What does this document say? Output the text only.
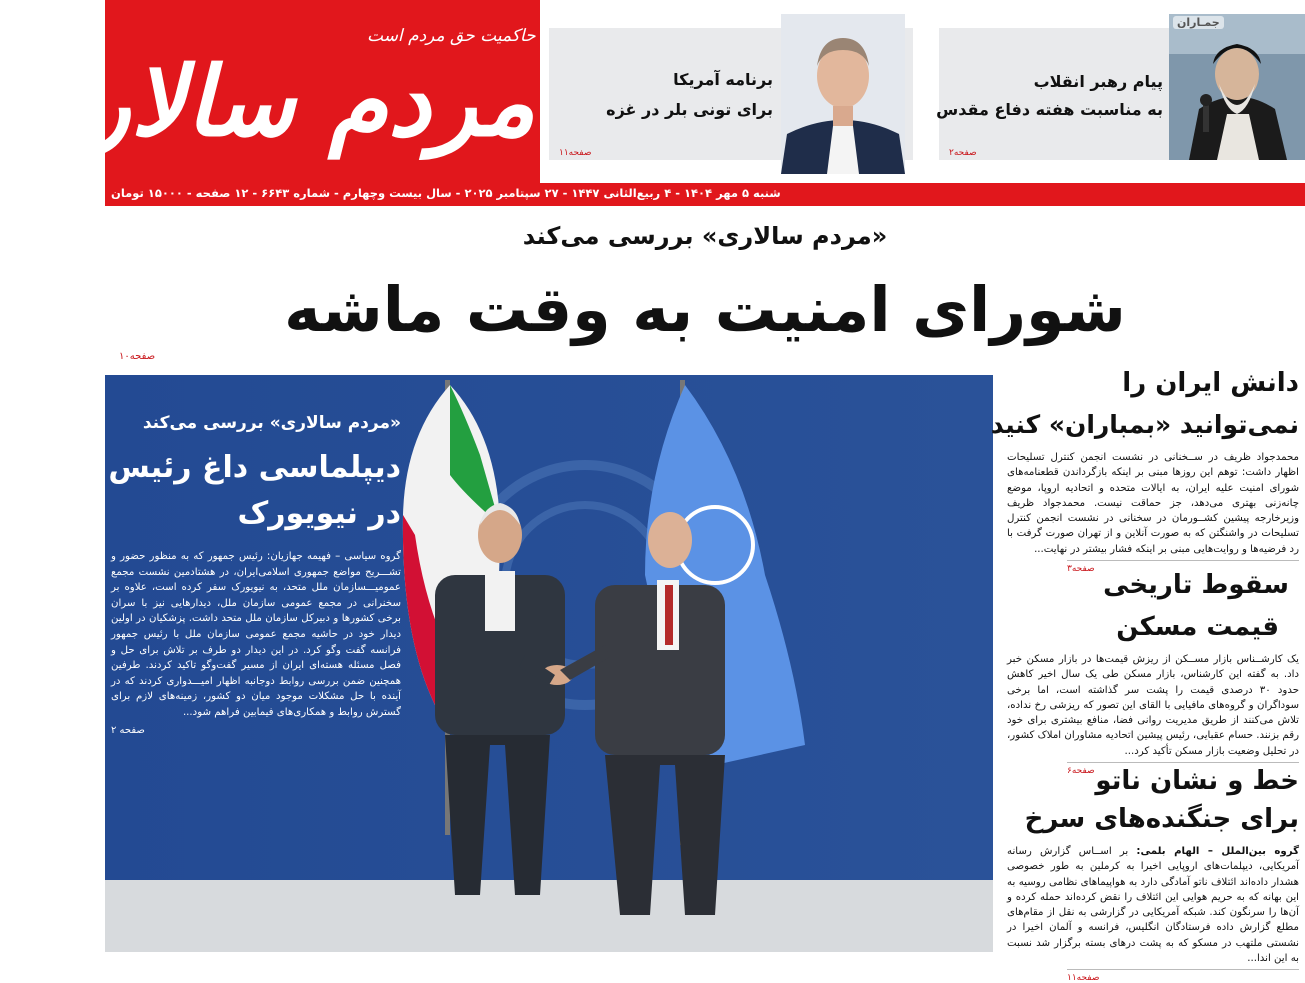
حاکمیت حق مردم است
مردم سالاری	پیام رهبر انقلاب
به مناسبت هفته دفاع مقدس
صفحه۲
جمـاران
برنامه آمریکا
برای تونی بلر در غزه
صفحه۱۱
شنبه ۵ مهر ۱۴۰۴ - ۴ ربیع‌الثانی ۱۴۴۷ - ۲۷ سپتامبر ۲۰۲۵ - سال بیست وچهارم - شماره ۶۶۴۳ - ۱۲ صفحه - ۱۵۰۰۰ تومان
«مردم سالاری» بررسی می‌کند
شورای امنیت به وقت ماشه
صفحه۱۰
«مردم سالاری» بررسی می‌کند
دیپلماسی داغ رئیس جمهور
در نیویورک
گروه سیاسی – فهیمه جهازیان: رئیس جمهور که به منظور حضور و تشـــریح مواضع جمهوری اسلامی‌ایران، در هشتادمین نشست مجمع عمومیـــسازمان ملل متحد، به نیویورک سفر کرده است، علاوه بر سخنرانی در مجمع عمومی سازمان ملل، دیدارهایی نیز با سران برخی کشورها و دبیرکل سازمان ملل متحد داشت. پزشکیان در اولین دیدار خود در حاشیه مجمع عمومی سازمان ملل با رئیس جمهور فرانسه گفت وگو کرد. در این دیدار دو طرف بر تلاش برای حل و فصل مسئله هسته‌ای ایران از مسیر گفت‌وگو تاکید کردند. طرفین همچنین ضمن بررسی روابط دوجانبه اظهار امیـــدواری کردند که در آینده با حل مشکلات موجود میان دو کشور، زمینه‌های لازم برای گسترش روابط و همکاری‌های فیمابین فراهم شود...
صفحه ۲
دانش ایران را
نمی‌توانید «بمباران» کنید
محمدجواد ظریف در ســخنانی در نشست انجمن کنترل تسلیحات اظهار داشت: توهم این روزها مبنی بر اینکه بازگرداندن قطعنامه‌های شورای امنیت علیه ایران، به ایالات متحده و اتحادیه اروپا، موضع چانه‌زنی بهتری می‌دهد، جز حماقت نیست. محمدجواد ظریف وزیرخارجه پیشین کشــورمان در سخنانی در نشست انجمن کنترل تسلیحات در واشنگتن که به صورت آنلاین و از تهران صورت گرفت با رد فرضیه‌ها و روایت‌هایی مبنی بر اینکه فشار بیشتر در نهایت...
صفحه۳
سقوط تاریخی
قیمت مسکن
یک کارشــناس بازار مســکن از ریزش قیمت‌ها در بازار مسکن خبر داد. به گفته این کارشناس، بازار مسکن طی یک سال اخیر کاهش حدود ۳۰ درصدی قیمت را پشت سر گذاشته است، اما برخی سوداگران و گروه‌های مافیایی با القای این تصور که ریزشی رخ نداده، تلاش می‌کنند از طریق مدیریت روانی فضا، منافع بیشتری برای خود رقم بزنند. حسام عقبایی، رئیس پیشین اتحادیه مشاوران املاک کشور، در تحلیل وضعیت بازار مسکن تأکید کرد...
صفحه۶ خط و نشان ناتو
برای جنگنده‌های سرخ
گروه بین‌الملل – الهام بلمی: بر اســاس گزارش رسانه آمریکایی، دیپلمات‌های اروپایی اخیرا به کرملین به طور خصوصی هشدار داده‌اند ائتلاف ناتو آمادگی دارد به هواپیماهای نظامی روسیه به این بهانه که به حریم هوایی این ائتلاف را نقض کرده‌اند حمله کرده و آن‌ها را سرنگون کند. شبکه آمریکایی در گزارشی به نقل از مقام‌های مطلع گزارش داده فرستادگان انگلیس، فرانسه و آلمان اخیرا در نشستی ملتهب در مسکو که به پشت درهای بسته برگزار شد نسبت به این اندا...
صفحه۱۱
